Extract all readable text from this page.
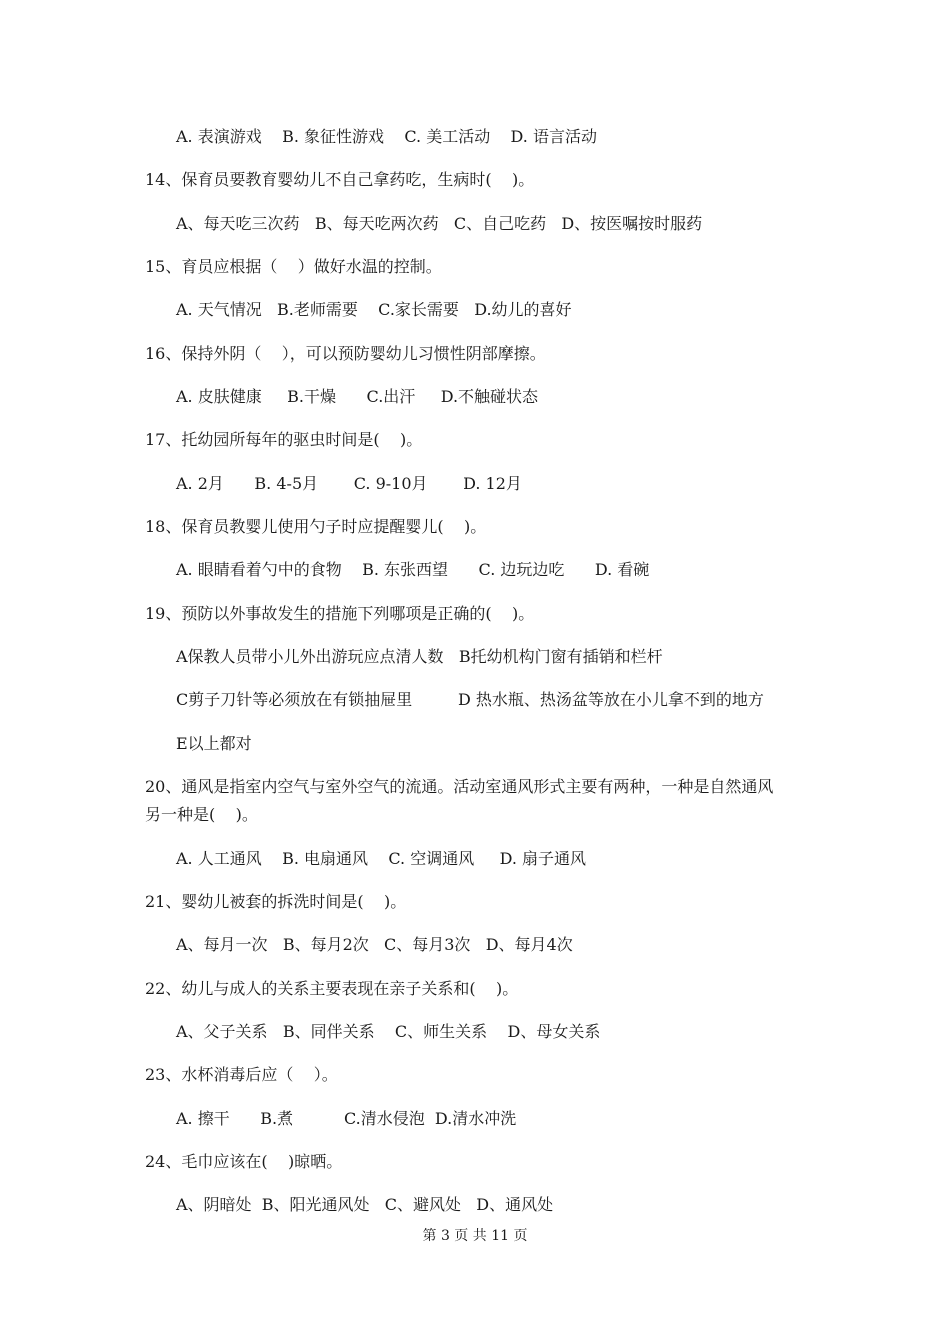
A. 表演游戏    B. 象征性游戏    C. 美工活动    D. 语言活动
14、保育员要教育婴幼儿不自己拿药吃，生病时(    )。
A、每天吃三次药   B、每天吃两次药   C、自己吃药   D、按医嘱按时服药
15、育员应根据（    ）做好水温的控制。
A. 天气情况   B.老师需要    C.家长需要   D.幼儿的喜好
16、保持外阴（    ），可以预防婴幼儿习惯性阴部摩擦。
A. 皮肤健康     B.干燥      C.出汗     D.不触碰状态
17、托幼园所每年的驱虫时间是(    )。
A. 2月      B. 4-5月       C. 9-10月       D. 12月
18、保育员教婴儿使用勺子时应提醒婴儿(    )。
A. 眼睛看着勺中的食物    B. 东张西望      C. 边玩边吃      D. 看碗
19、预防以外事故发生的措施下列哪项是正确的(    )。
A保教人员带小儿外出游玩应点清人数   B托幼机构门窗有插销和栏杆
C剪子刀针等必须放在有锁抽屉里         D 热水瓶、热汤盆等放在小儿拿不到的地方
E以上都对
20、通风是指室内空气与室外空气的流通。活动室通风形式主要有两种，一种是自然通风
另一种是(    )。
A. 人工通风    B. 电扇通风    C. 空调通风     D. 扇子通风
21、婴幼儿被套的拆洗时间是(    )。
A、每月一次   B、每月2次   C、每月3次   D、每月4次
22、幼儿与成人的关系主要表现在亲子关系和(    )。
A、父子关系   B、同伴关系    C、师生关系    D、母女关系
23、水杯消毒后应（    ）。
A. 擦干      B.煮          C.清水侵泡  D.清水冲洗
24、毛巾应该在(    )晾晒。
A、阴暗处  B、阳光通风处   C、避风处   D、通风处
第 3 页 共 11 页
